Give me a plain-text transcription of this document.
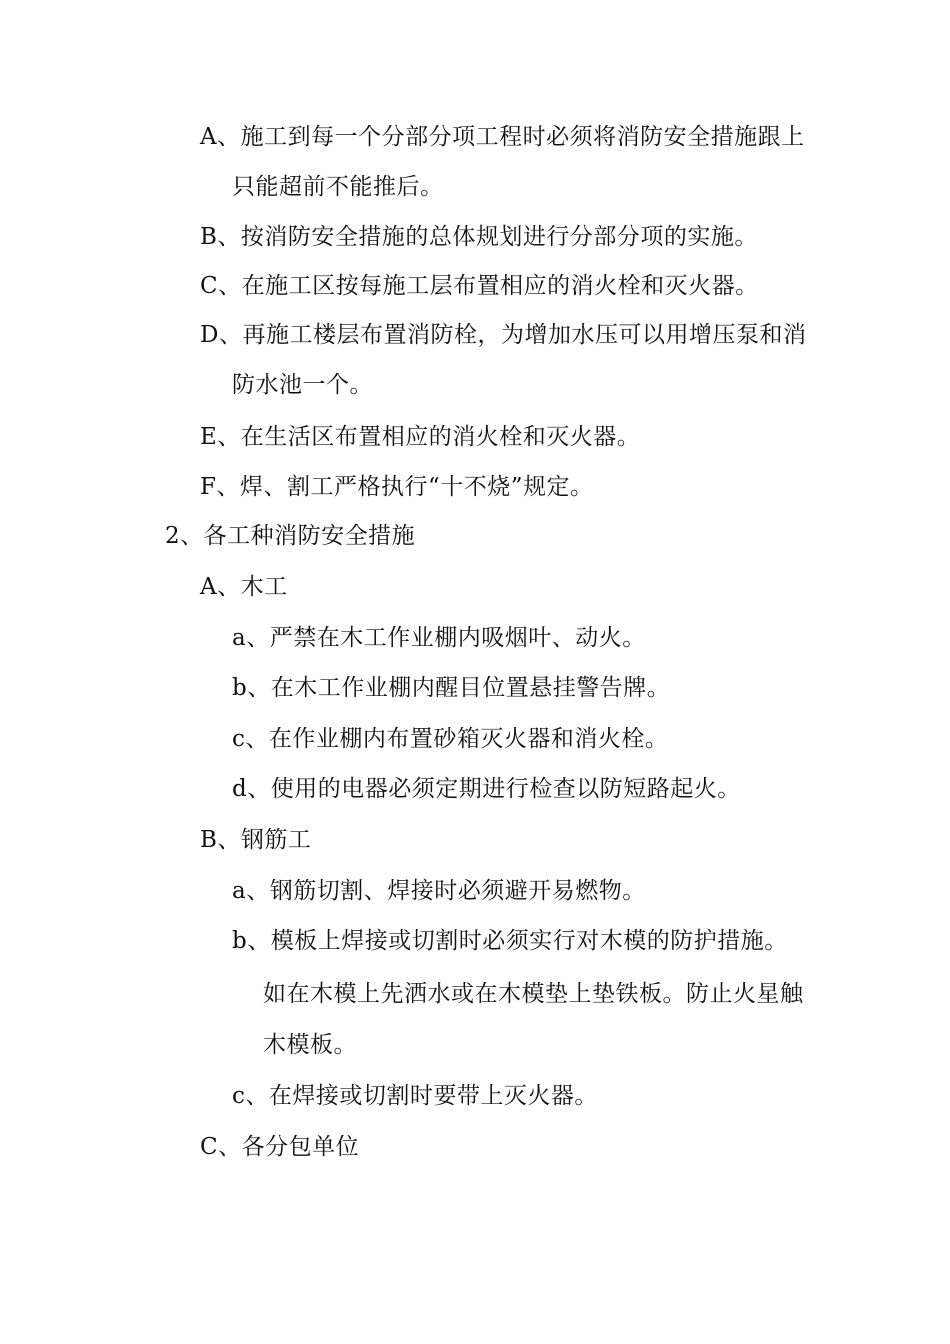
A、施工到每一个分部分项工程时必须将消防安全措施跟上
只能超前不能推后。
B、按消防安全措施的总体规划进行分部分项的实施。
C、在施工区按每施工层布置相应的消火栓和灭火器。
D、再施工楼层布置消防栓，为增加水压可以用增压泵和消
防水池一个。
E、在生活区布置相应的消火栓和灭火器。
F、焊、割工严格执行“十不烧”规定。
2、各工种消防安全措施
A、木工
a、严禁在木工作业棚内吸烟叶、动火。
b、在木工作业棚内醒目位置悬挂警告牌。
c、在作业棚内布置砂箱灭火器和消火栓。
d、使用的电器必须定期进行检查以防短路起火。
B、钢筋工
a、钢筋切割、焊接时必须避开易燃物。
b、模板上焊接或切割时必须实行对木模的防护措施。
如在木模上先洒水或在木模垫上垫铁板。防止火星触
木模板。
c、在焊接或切割时要带上灭火器。
C、各分包单位
